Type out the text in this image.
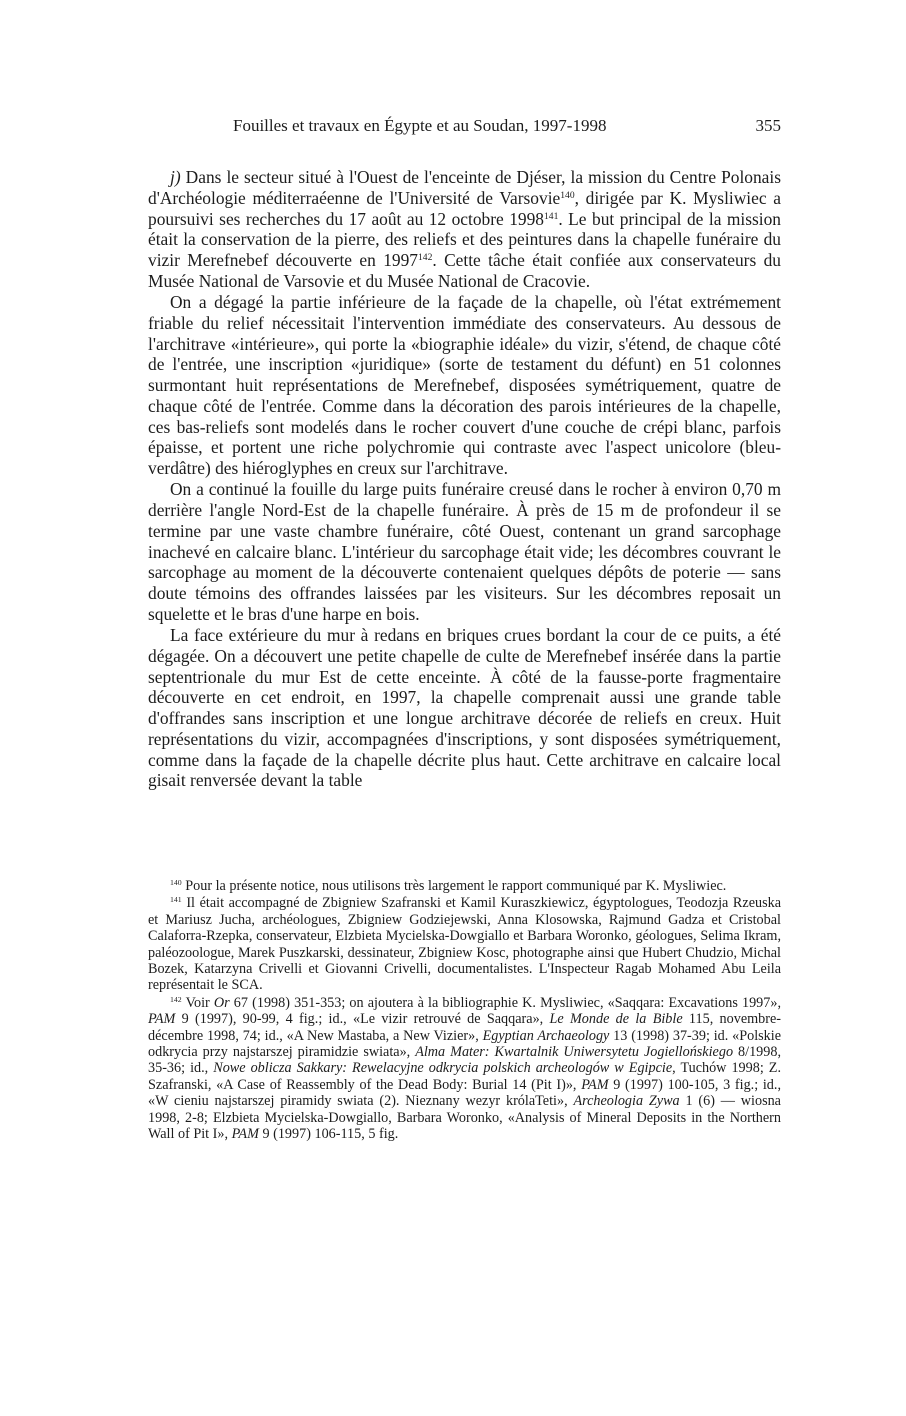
Fouilles et travaux en Égypte et au Soudan, 1997-1998	355

j) Dans le secteur situé à l'Ouest de l'enceinte de Djéser, la mission du Centre Polonais d'Archéologie méditerraéenne de l'Université de Varsovie$^{140}$, dirigée par K. Mysliwiec a poursuivi ses recherches du 17 août au 12 octobre 1998$^{141}$. Le but principal de la mission était la conservation de la pierre, des reliefs et des peintures dans la chapelle funéraire du vizir Merefnebef découverte en 1997$^{142}$. Cette tâche était confiée aux conservateurs du Musée National de Varsovie et du Musée National de Cracovie.

On a dégagé la partie inférieure de la façade de la chapelle, où l'état extrémement friable du relief nécessitait l'intervention immédiate des conservateurs. Au dessous de l'architrave «intérieure», qui porte la «biographie idéale» du vizir, s'étend, de chaque côté de l'entrée, une inscription «juridique» (sorte de testament du défunt) en 51 colonnes surmontant huit représentations de Merefnebef, disposées symétriquement, quatre de chaque côté de l'entrée. Comme dans la décoration des parois intérieures de la chapelle, ces bas-reliefs sont modelés dans le rocher couvert d'une couche de crépi blanc, parfois épaisse, et portent une riche polychromie qui contraste avec l'aspect unicolore (bleu-verdâtre) des hiéroglyphes en creux sur l'architrave.

On a continué la fouille du large puits funéraire creusé dans le rocher à environ 0,70 m derrière l'angle Nord-Est de la chapelle funéraire. À près de 15 m de profondeur il se termine par une vaste chambre funéraire, côté Ouest, contenant un grand sarcophage inachevé en calcaire blanc. L'intérieur du sarcophage était vide; les décombres couvrant le sarcophage au moment de la découverte contenaient quelques dépôts de poterie — sans doute témoins des offrandes laissées par les visiteurs. Sur les décombres reposait un squelette et le bras d'une harpe en bois.

La face extérieure du mur à redans en briques crues bordant la cour de ce puits, a été dégagée. On a découvert une petite chapelle de culte de Merefnebef insérée dans la partie septentrionale du mur Est de cette enceinte. À côté de la fausse-porte fragmentaire découverte en cet endroit, en 1997, la chapelle comprenait aussi une grande table d'offrandes sans inscription et une longue architrave décorée de reliefs en creux. Huit représentations du vizir, accompagnées d'inscriptions, y sont disposées symétriquement, comme dans la façade de la chapelle décrite plus haut. Cette architrave en calcaire local gisait renversée devant la table

$^{140}$ Pour la présente notice, nous utilisons très largement le rapport communiqué par K. Mysliwiec.

$^{141}$ Il était accompagné de Zbigniew Szafranski et Kamil Kuraszkiewicz, égyptologues, Teodozja Rzeuska et Mariusz Jucha, archéologues, Zbigniew Godziejewski, Anna Klosowska, Rajmund Gadza et Cristobal Calaforra-Rzepka, conservateur, Elzbieta Mycielska-Dowgiallo et Barbara Woronko, géologues, Selima Ikram, paléozoologue, Marek Puszkarski, dessinateur, Zbigniew Kosc, photographe ainsi que Hubert Chudzio, Michal Bozek, Katarzyna Crivelli et Giovanni Crivelli, documentalistes. L'Inspecteur Ragab Mohamed Abu Leila représentait le SCA.

$^{142}$ Voir Or 67 (1998) 351-353; on ajoutera à la bibliographie K. Mysliwiec, «Saqqara: Excavations 1997», PAM 9 (1997), 90-99, 4 fig.; id., «Le vizir retrouvé de Saqqara», Le Monde de la Bible 115, novembre-décembre 1998, 74; id., «A New Mastaba, a New Vizier», Egyptian Archaeology 13 (1998) 37-39; id. «Polskie odkrycia przy najstarszej piramidzie swiata», Alma Mater: Kwartalnik Uniwersytetu Jogiellońskiego 8/1998, 35-36; id., Nowe oblicza Sakkary: Rewelacyjne odkrycia polskich archeologów w Egipcie, Tuchów 1998; Z. Szafranski, «A Case of Reassembly of the Dead Body: Burial 14 (Pit I)», PAM 9 (1997) 100-105, 3 fig.; id., «W cieniu najstarszej piramidy swiata (2). Nieznany wezyr królaTeti», Archeologia Zywa 1 (6) — wiosna 1998, 2-8; Elzbieta Mycielska-Dowgiallo, Barbara Woronko, «Analysis of Mineral Deposits in the Northern Wall of Pit I», PAM 9 (1997) 106-115, 5 fig.
